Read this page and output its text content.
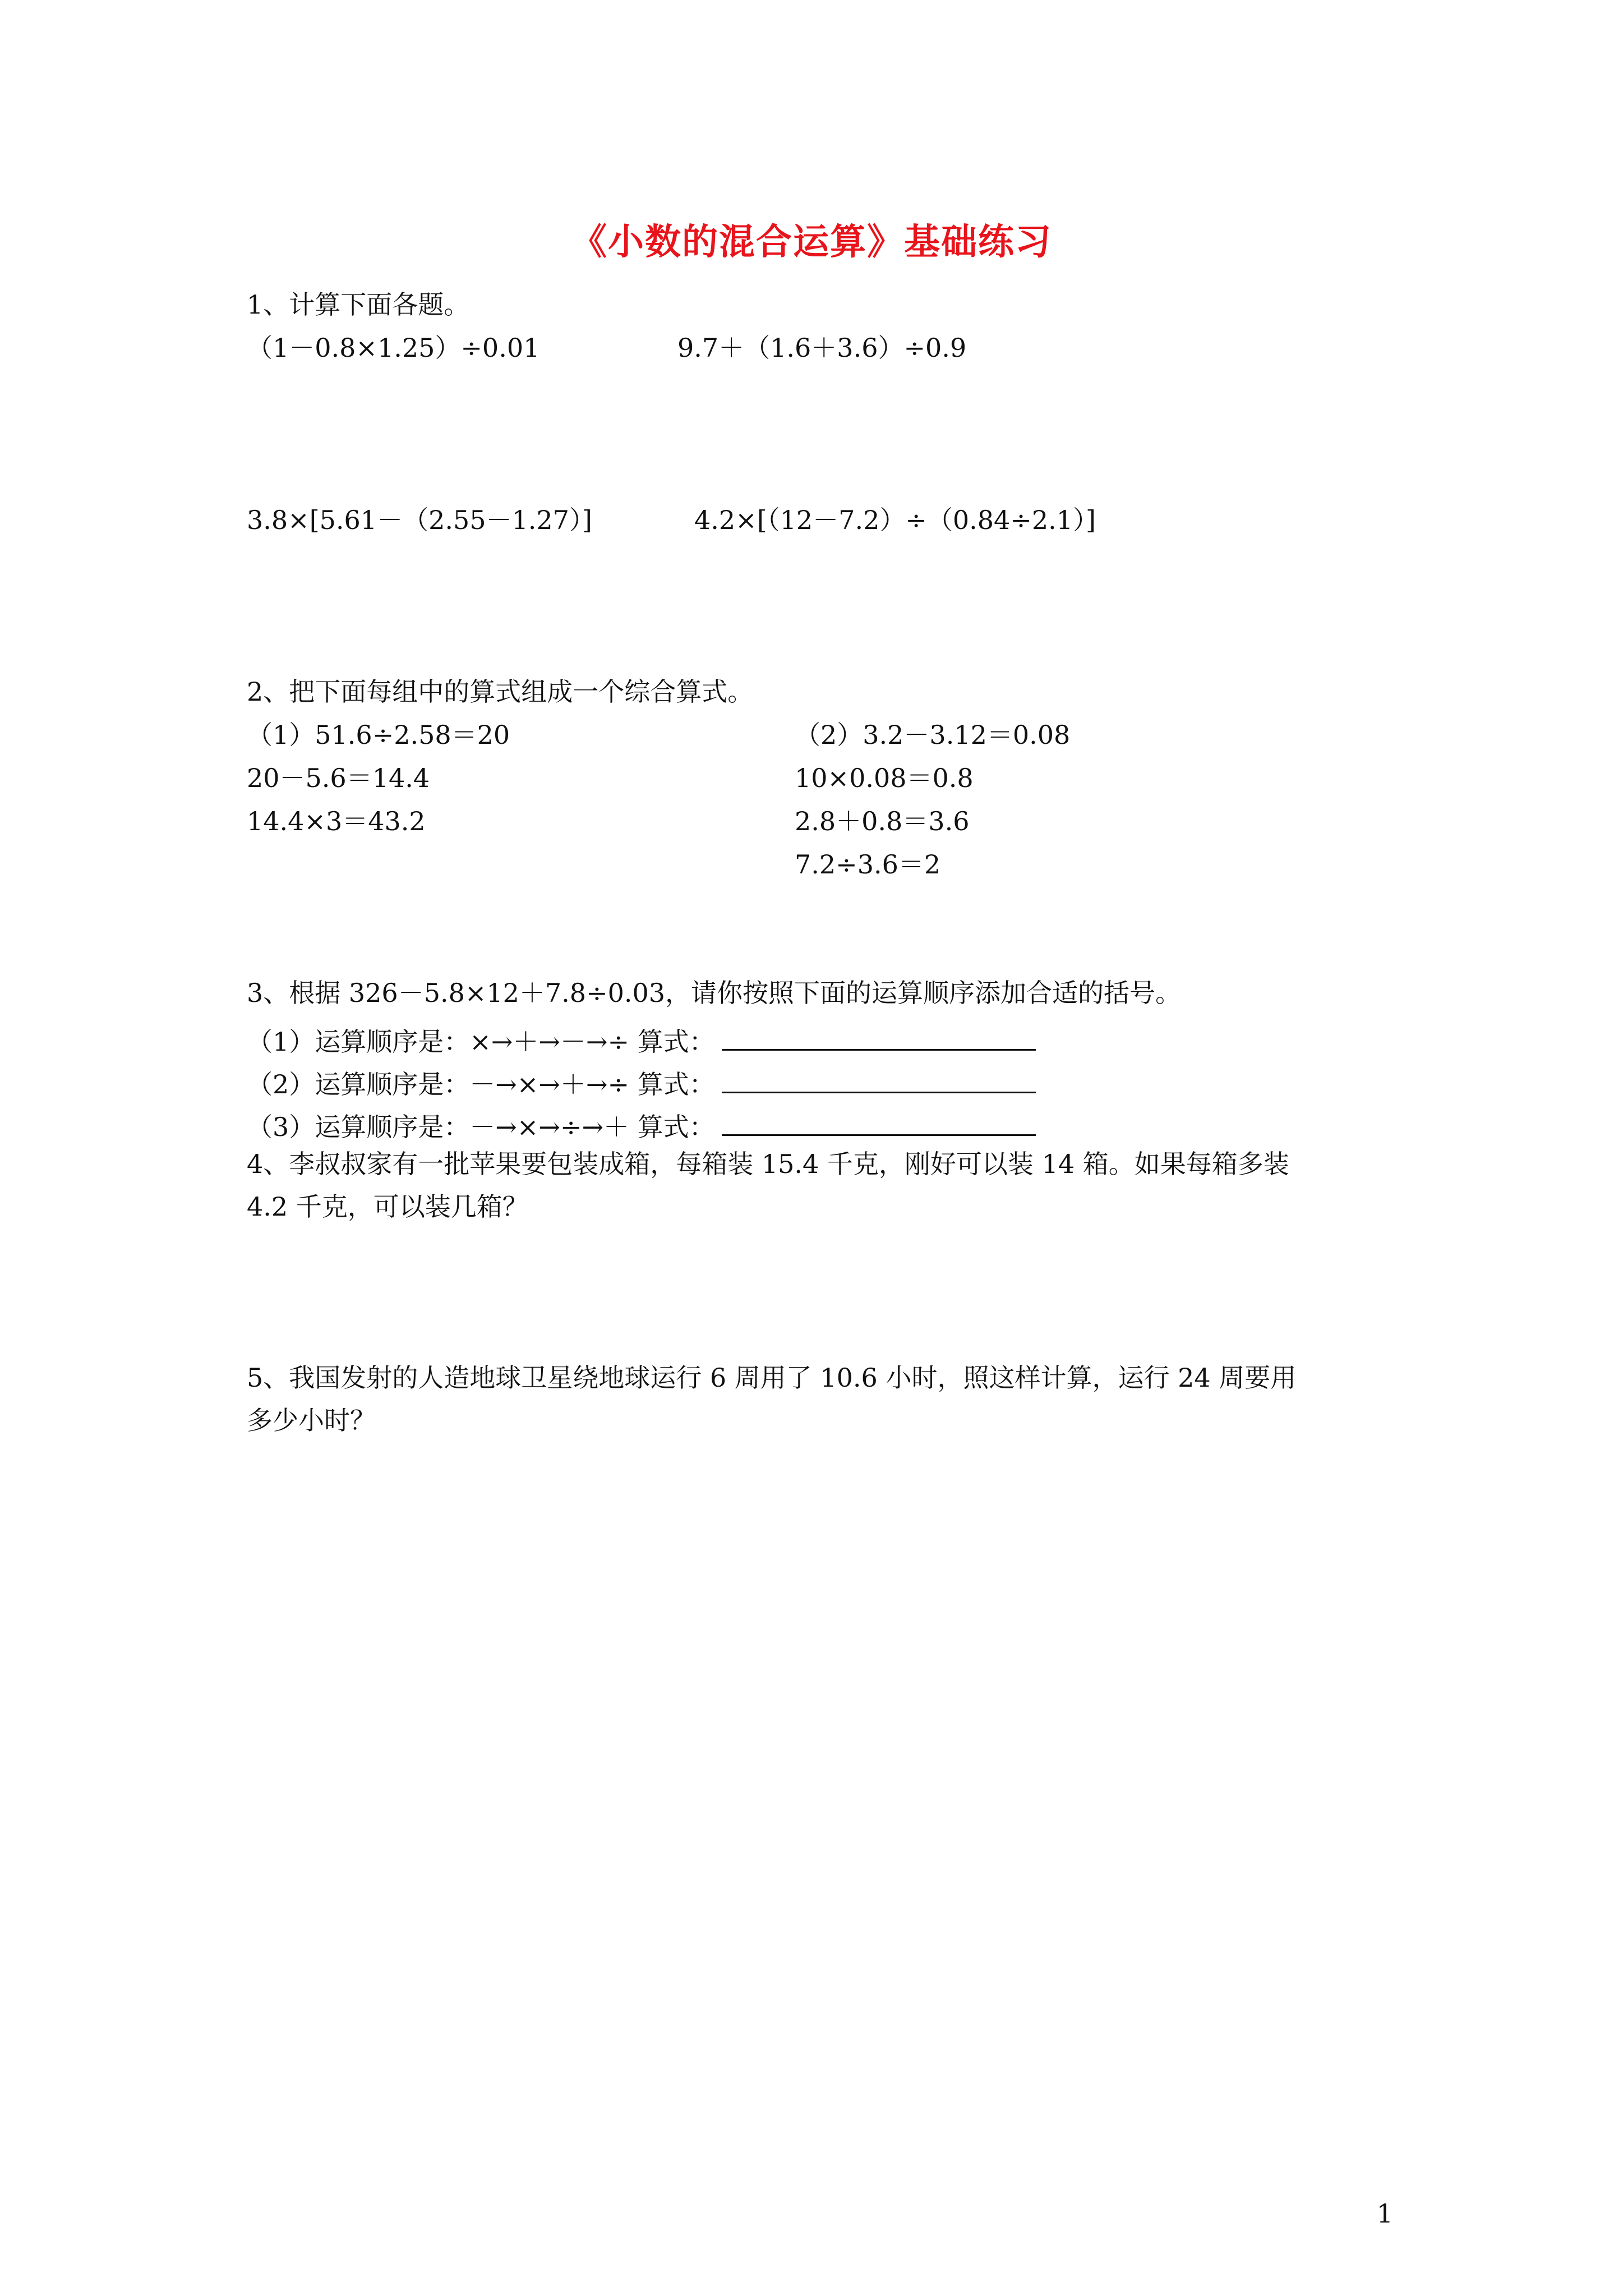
《小数的混合运算》基础练习
1、计算下面各题。
（1－0.8×1.25）÷0.01	9.7＋（1.6＋3.6）÷0.9
3.8×[5.61－（2.55－1.27）]	4.2×[（12－7.2）÷（0.84÷2.1）]
2、把下面每组中的算式组成一个综合算式。
（1）51.6÷2.58＝20
20－5.6＝14.4
14.4×3＝43.2
（2）3.2－3.12＝0.08
10×0.08＝0.8
2.8＋0.8＝3.6
7.2÷3.6＝2
3、根据 326－5.8×12＋7.8÷0.03，请你按照下面的运算顺序添加合适的括号。
（1）运算顺序是：×→＋→－→÷ 算式：
（2）运算顺序是：－→×→＋→÷ 算式：
（3）运算顺序是：－→×→÷→＋ 算式：
4、李叔叔家有一批苹果要包装成箱，每箱装 15.4 千克，刚好可以装 14 箱。如果每箱多装
4.2 千克，可以装几箱？
5、我国发射的人造地球卫星绕地球运行 6 周用了 10.6 小时，照这样计算，运行 24 周要用
多少小时？
1
